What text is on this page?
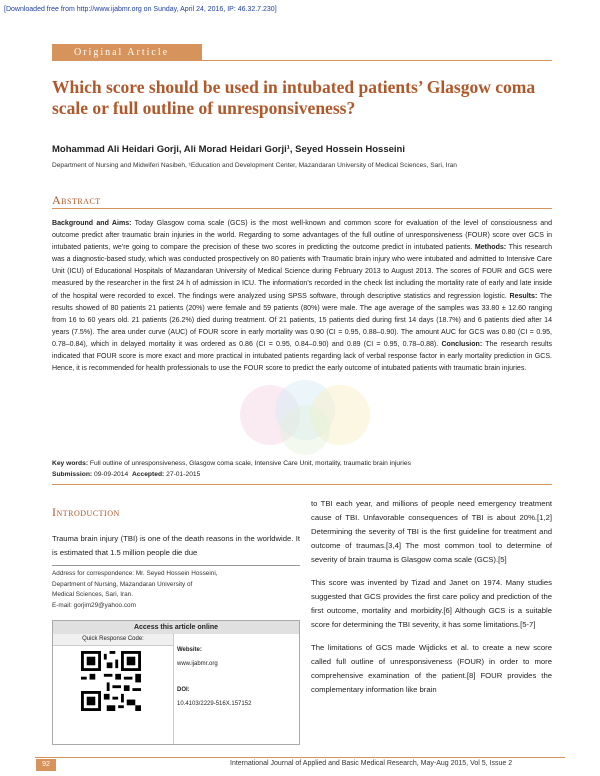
[Downloaded free from http://www.ijabmr.org on Sunday, April 24, 2016, IP: 46.32.7.230]
Original Article
Which score should be used in intubated patients’ Glasgow coma scale or full outline of unresponsiveness?
Mohammad Ali Heidari Gorji, Ali Morad Heidari Gorji¹, Seyed Hossein Hosseini
Department of Nursing and Midwiferi Nasibeh, ¹Education and Development Center, Mazandaran University of Medical Sciences, Sari, Iran
Abstract
Background and Aims: Today Glasgow coma scale (GCS) is the most well-known and common score for evaluation of the level of consciousness and outcome predict after traumatic brain injuries in the world. Regarding to some advantages of the full outline of unresponsiveness (FOUR) score over GCS in intubated patients, we're going to compare the precision of these two scores in predicting the outcome predict in intubated patients. Methods: This research was a diagnostic-based study, which was conducted prospectively on 80 patients with Traumatic brain injury who were intubated and admitted to Intensive Care Unit (ICU) of Educational Hospitals of Mazandaran University of Medical Science during February 2013 to August 2013. The scores of FOUR and GCS were measured by the researcher in the first 24 h of admission in ICU. The information's recorded in the check list including the mortality rate of early and late inside of the hospital were recorded to excel. The findings were analyzed using SPSS software, through descriptive statistics and regression logistic. Results: The results showed of 80 patients 21 patients (20%) were female and 59 patients (80%) were male. The age average of the samples was 33.80 ± 12.60 ranging from 16 to 60 years old. 21 patients (26.2%) died during treatment. Of 21 patients, 15 patients died during first 14 days (18.7%) and 6 patients died after 14 years (7.5%). The area under curve (AUC) of FOUR score in early mortality was 0.90 (CI = 0.95, 0.88–0.90). The amount AUC for GCS was 0.80 (CI = 0.95, 0.78–0.84), which in delayed mortality it was ordered as 0.86 (CI = 0.95, 0.84–0.90) and 0.89 (CI = 0.95, 0.78–0.88). Conclusion: The research results indicated that FOUR score is more exact and more practical in intubated patients regarding lack of verbal response factor in early mortality prediction in GCS. Hence, it is recommended for health professionals to use the FOUR score to predict the early outcome of intubated patients with traumatic brain injuries.
Key words: Full outline of unresponsiveness, Glasgow coma scale, Intensive Care Unit, mortality, traumatic brain injuries
Submission: 09-09-2014 Accepted: 27-01-2015
Introduction
Trauma brain injury (TBI) is one of the death reasons in the worldwide. It is estimated that 1.5 million people die due
Address for correspondence: Mr. Seyed Hossein Hosseini,
Department of Nursing, Mazandaran University of
Medical Sciences, Sari, Iran.
E-mail: gorjim29@yahoo.com
Access this article online
Quick Response Code:
Website:
www.ijabmr.org
DOI:
10.4103/2229-516X.157152

to TBI each year, and millions of people need emergency treatment cause of TBI. Unfavorable consequences of TBI is about 20%.[1,2] Determining the severity of TBI is the first guideline for treatment and outcome of traumas.[3,4] The most common tool to determine of severity of brain trauma is Glasgow coma scale (GCS).[5]

This score was invented by Tizad and Janet on 1974. Many studies suggested that GCS provides the first care policy and prediction of the first outcome, mortality and morbidity.[6] Although GCS is a suitable score for determining the TBI severity, it has some limitations.[5-7]

The limitations of GCS made Wijdicks et al. to create a new score called full outline of unresponsiveness (FOUR) in order to more comprehensive examination of the patient.[8] FOUR provides the complementary information like brain

92	International Journal of Applied and Basic Medical Research, May-Aug 2015, Vol 5, Issue 2
